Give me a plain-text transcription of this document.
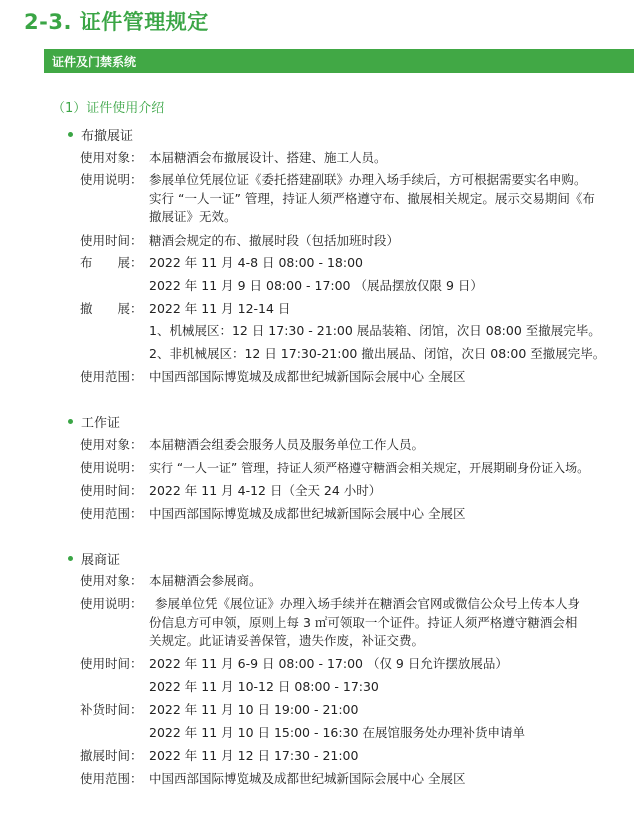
2-3. 证件管理规定
证件及门禁系统
（1）证件使用介绍
布撤展证
使用对象： 本届糖酒会布撤展设计、搭建、施工人员。
使用说明： 参展单位凭展位证《委托搭建副联》办理入场手续后，方可根据需要实名申购。
实行 “一人一证” 管理，持证人须严格遵守布、撤展相关规定。展示交易期间《布
撤展证》无效。
使用时间： 糖酒会规定的布、撤展时段（包括加班时段）
布　　展： 2022 年 11 月 4-8 日 08:00 - 18:00
2022 年 11 月 9 日 08:00 - 17:00 （展品摆放仅限 9 日）
撤　　展： 2022 年 11 月 12-14 日
1、机械展区：12 日 17:30 - 21:00 展品装箱、闭馆，次日 08:00 至撤展完毕。
2、非机械展区：12 日 17:30-21:00 撤出展品、闭馆，次日 08:00 至撤展完毕。
使用范围： 中国西部国际博览城及成都世纪城新国际会展中心 全展区
工作证
使用对象： 本届糖酒会组委会服务人员及服务单位工作人员。
使用说明： 实行 “一人一证” 管理，持证人须严格遵守糖酒会相关规定，开展期刷身份证入场。
使用时间： 2022 年 11 月 4-12 日（全天 24 小时）
使用范围： 中国西部国际博览城及成都世纪城新国际会展中心 全展区
展商证
使用对象： 本届糖酒会参展商。
使用说明： 参展单位凭《展位证》办理入场手续并在糖酒会官网或微信公众号上传本人身
份信息方可申领，原则上每 3 ㎡可领取一个证件。持证人须严格遵守糖酒会相
关规定。此证请妥善保管，遗失作废，补证交费。
使用时间： 2022 年 11 月 6-9 日 08:00 - 17:00 （仅 9 日允许摆放展品）
2022 年 11 月 10-12 日 08:00 - 17:30
补货时间： 2022 年 11 月 10 日 19:00 - 21:00
2022 年 11 月 10 日 15:00 - 16:30 在展馆服务处办理补货申请单
撤展时间： 2022 年 11 月 12 日 17:30 - 21:00
使用范围： 中国西部国际博览城及成都世纪城新国际会展中心 全展区
